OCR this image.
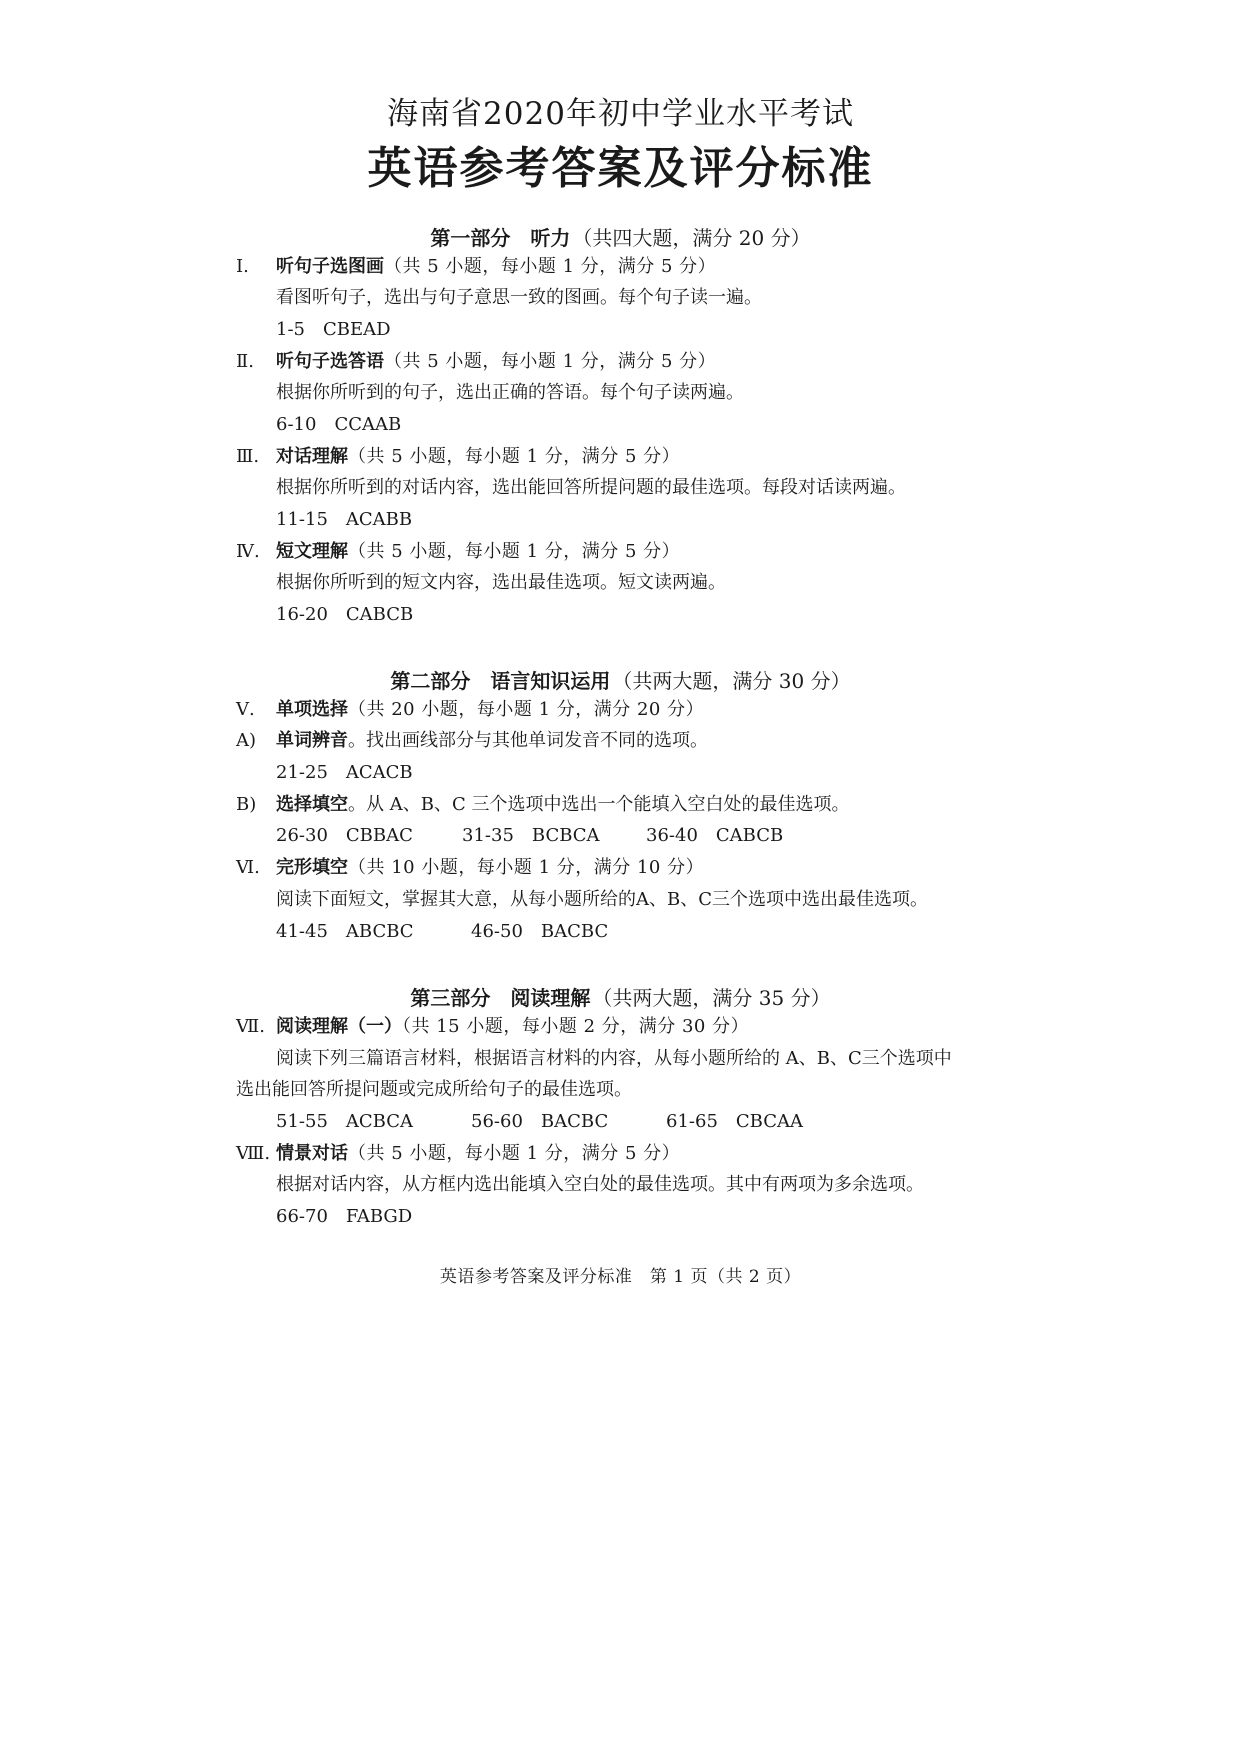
海南省2020年初中学业水平考试
英语参考答案及评分标准
第一部分　听力 （共四大题，满分 20 分）
Ⅰ. 听句子选图画（共 5 小题，每小题 1 分，满分 5 分）
看图听句子，选出与句子意思一致的图画。每个句子读一遍。
1-5　CBEAD
Ⅱ. 听句子选答语（共 5 小题，每小题 1 分，满分 5 分）
根据你所听到的句子，选出正确的答语。每个句子读两遍。
6-10　CCAAB
Ⅲ. 对话理解（共 5 小题，每小题 1 分，满分 5 分）
根据你所听到的对话内容，选出能回答所提问题的最佳选项。每段对话读两遍。
11-15　ACABB
Ⅳ. 短文理解（共 5 小题，每小题 1 分，满分 5 分）
根据你所听到的短文内容，选出最佳选项。短文读两遍。
16-20　CABCB
第二部分　语言知识运用 （共两大题，满分 30 分）
Ⅴ. 单项选择（共 20 小题，每小题 1 分，满分 20 分）
A) 单词辨音。找出画线部分与其他单词发音不同的选项。
21-25　ACACB
B) 选择填空。从 A、B、C 三个选项中选出一个能填入空白处的最佳选项。
26-30　CBBAC	31-35　BCBCA	36-40　CABCB
Ⅵ. 完形填空（共 10 小题，每小题 1 分，满分 10 分）
阅读下面短文，掌握其大意，从每小题所给的A、B、C三个选项中选出最佳选项。
41-45　ABCBC	46-50　BACBC
第三部分　阅读理解 （共两大题，满分 35 分）
Ⅶ. 阅读理解（一）（共 15 小题，每小题 2 分，满分 30 分）
阅读下列三篇语言材料，根据语言材料的内容，从每小题所给的 A、B、C三个选项中
选出能回答所提问题或完成所给句子的最佳选项。
51-55　ACBCA	56-60　BACBC	61-65　CBCAA
Ⅷ. 情景对话（共 5 小题，每小题 1 分，满分 5 分）
根据对话内容，从方框内选出能填入空白处的最佳选项。其中有两项为多余选项。
66-70　FABGD
英语参考答案及评分标准　第 1 页（共 2 页）
